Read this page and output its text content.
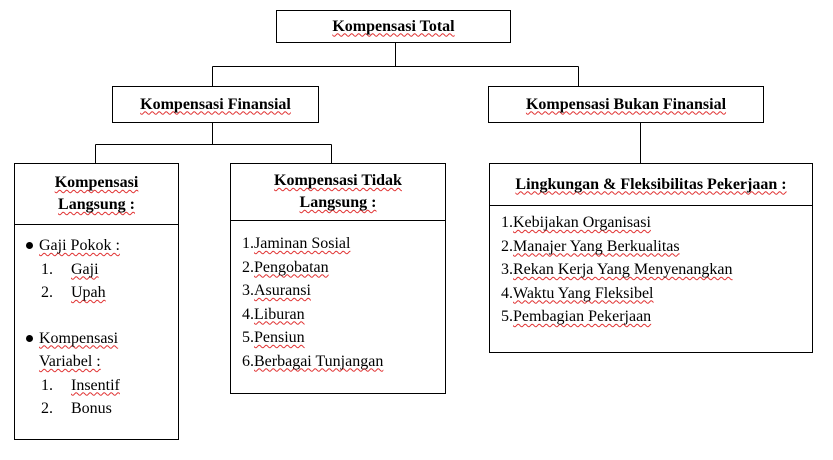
Kompensasi Total
Kompensasi Finansial	Kompensasi Bukan Finansial
Kompensasi Langsung :
Gaji Pokok :
1.	Gaji
2.	Upah
Kompensasi Variabel :
1.	Insentif
2.	Bonus
Kompensasi Tidak Langsung :
1.Jaminan Sosial
2.Pengobatan
3.Asuransi
4.Liburan
5.Pensiun
6.Berbagai Tunjangan
Lingkungan & Fleksibilitas Pekerjaan :
1.Kebijakan Organisasi
2.Manajer Yang Berkualitas
3.Rekan Kerja Yang Menyenangkan
4.Waktu Yang Fleksibel
5.Pembagian Pekerjaan
